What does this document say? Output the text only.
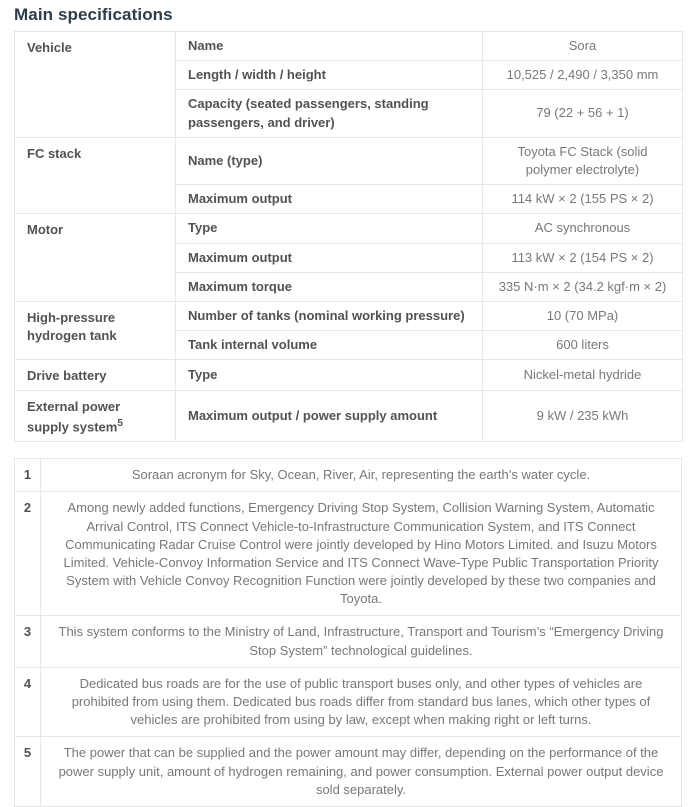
Main specifications
Vehicle	Name	Sora
	Length / width / height	10,525 / 2,490 / 3,350 mm
	Capacity (seated passengers, standing passengers, and driver)	79 (22 + 56 + 1)
FC stack	Name (type)	Toyota FC Stack (solid polymer electrolyte)
	Maximum output	114 kW × 2 (155 PS × 2)
Motor	Type	AC synchronous
	Maximum output	113 kW × 2 (154 PS × 2)
	Maximum torque	335 N·m × 2 (34.2 kgf·m × 2)
High-pressure hydrogen tank	Number of tanks (nominal working pressure)	10 (70 MPa)
	Tank internal volume	600 liters
Drive battery	Type	Nickel-metal hydride
External power supply system$^5$	Maximum output / power supply amount	9 kW / 235 kWh
1	Soraan acronym for Sky, Ocean, River, Air, representing the earth’s water cycle.
2	Among newly added functions, Emergency Driving Stop System, Collision Warning System, Automatic Arrival Control, ITS Connect Vehicle-to-Infrastructure Communication System, and ITS Connect Communicating Radar Cruise Control were jointly developed by Hino Motors Limited. and Isuzu Motors Limited. Vehicle-Convoy Information Service and ITS Connect Wave-Type Public Transportation Priority System with Vehicle Convoy Recognition Function were jointly developed by these two companies and Toyota.
3	This system conforms to the Ministry of Land, Infrastructure, Transport and Tourism’s “Emergency Driving Stop System” technological guidelines.
4	Dedicated bus roads are for the use of public transport buses only, and other types of vehicles are prohibited from using them. Dedicated bus roads differ from standard bus lanes, which other types of vehicles are prohibited from using by law, except when making right or left turns.
5	The power that can be supplied and the power amount may differ, depending on the performance of the power supply unit, amount of hydrogen remaining, and power consumption. External power output device sold separately.
